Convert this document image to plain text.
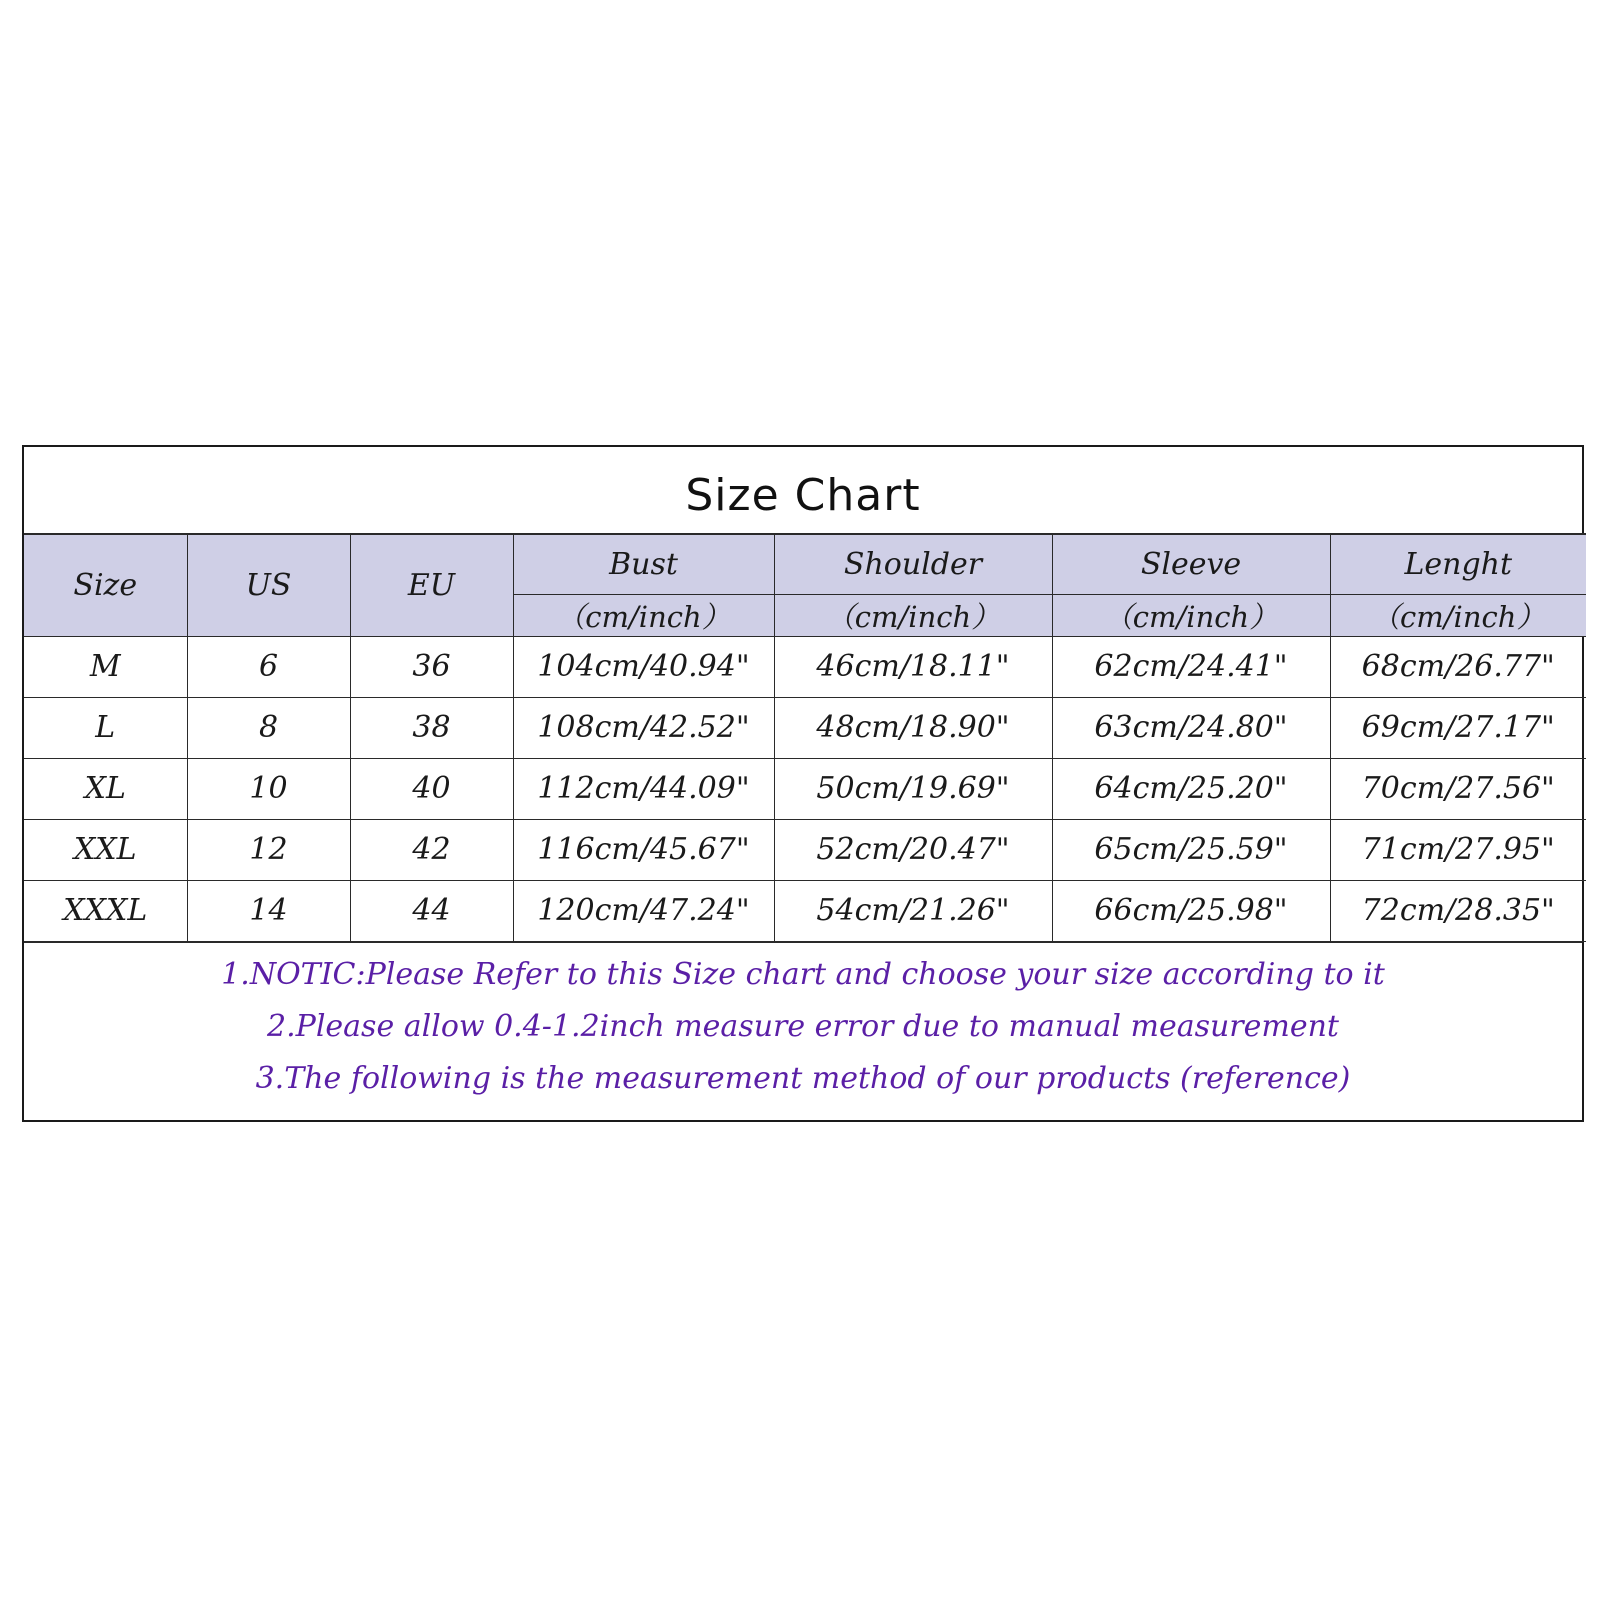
Size Chart
Size	US	EU	Bust	Shoulder	Sleeve	Lenght
			（cm/inch）	（cm/inch）	（cm/inch）	（cm/inch）
M	6	36	104cm/40.94"	46cm/18.11"	62cm/24.41"	68cm/26.77"
L	8	38	108cm/42.52"	48cm/18.90"	63cm/24.80"	69cm/27.17"
XL	10	40	112cm/44.09"	50cm/19.69"	64cm/25.20"	70cm/27.56"
XXL	12	42	116cm/45.67"	52cm/20.47"	65cm/25.59"	71cm/27.95"
XXXL	14	44	120cm/47.24"	54cm/21.26"	66cm/25.98"	72cm/28.35"
1.NOTIC:Please Refer to this Size chart and choose your size according to it
2.Please allow 0.4-1.2inch measure error due to manual measurement
3.The following is the measurement method of our products (reference)
